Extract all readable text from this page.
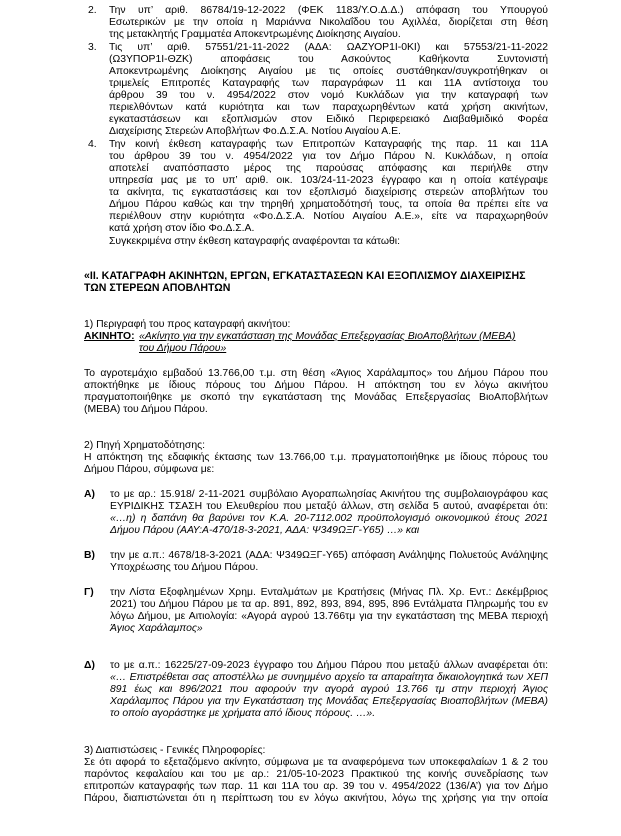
2. Την υπ’ αριθ. 86784/19-12-2022 (ΦΕΚ 1183/Υ.Ο.Δ.Δ.) απόφαση του Υπουργού
Εσωτερικών με την οποία η Μαριάννα Νικολαΐδου του Αχιλλέα, διορίζεται στη θέση
της μετακλητής Γραμματέα Αποκεντρωμένης Διοίκησης Αιγαίου.
3. Τις υπ’ αριθ. 57551/21-11-2022 (ΑΔΑ: ΩΑΖΥΟΡ1Ι-0ΚΙ) και 57553/21-11-2022
(Ω3ΥΠΟΡ1Ι-ΘΖΚ) αποφάσεις του Ασκούντος Καθήκοντα Συντονιστή
Αποκεντρωμένης Διοίκησης Αιγαίου με τις οποίες συστάθηκαν/συγκροτήθηκαν οι
τριμελείς Επιτροπές Καταγραφής των παραγράφων 11 και 11Α αντίστοιχα του
άρθρου 39 του ν. 4954/2022 στον νομό Κυκλάδων για την καταγραφή των
περιελθόντων κατά κυριότητα και των παραχωρηθέντων κατά χρήση ακινήτων,
εγκαταστάσεων και εξοπλισμών στον Ειδικό Περιφερειακό Διαβαθμιδικό Φορέα
Διαχείρισης Στερεών Αποβλήτων Φο.Δ.Σ.Α. Νοτίου Αιγαίου Α.Ε.
4. Την κοινή έκθεση καταγραφής των Επιτροπών Καταγραφής της παρ. 11 και 11Α
του άρθρου 39 του ν. 4954/2022 για τον Δήμο Πάρου Ν. Κυκλάδων, η οποία
αποτελεί αναπόσπαστο μέρος της παρούσας απόφασης και περιήλθε στην
υπηρεσία μας με το υπ’ αριθ. οικ. 103/24-11-2023 έγγραφο και η οποία κατέγραψε
τα ακίνητα, τις εγκαταστάσεις και τον εξοπλισμό διαχείρισης στερεών αποβλήτων του
Δήμου Πάρου καθώς και την τηρηθή χρηματοδότησή τους, τα οποία θα πρέπει είτε να
περιέλθουν στην κυριότητα «Φο.Δ.Σ.Α. Νοτίου Αιγαίου Α.Ε.», είτε να παραχωρηθούν
κατά χρήση στον ίδιο Φο.Δ.Σ.Α.
Συγκεκριμένα στην έκθεση καταγραφής αναφέρονται τα κάτωθι:
«ΙΙ. ΚΑΤΑΓΡΑΦΗ ΑΚΙΝΗΤΩΝ, ΕΡΓΩΝ, ΕΓΚΑΤΑΣΤΑΣΕΩΝ ΚΑΙ ΕΞΟΠΛΙΣΜΟΥ ΔΙΑΧΕΙΡΙΣΗΣ
ΤΩΝ ΣΤΕΡΕΩΝ ΑΠΟΒΛΗΤΩΝ
1) Περιγραφή του προς καταγραφή ακινήτου:
ΑΚΙΝΗΤΟ: «Ακίνητο για την εγκατάσταση της Μονάδας Επεξεργασίας ΒιοΑποβλήτων (ΜΕΒΑ)
του Δήμου Πάρου»
Το αγροτεμάχιο εμβαδού 13.766,00 τ.μ. στη θέση «Άγιος Χαράλαμπος» του Δήμου Πάρου που
αποκτήθηκε με ίδιους πόρους του Δήμου Πάρου. Η απόκτηση του εν λόγω ακινήτου
πραγματοποιήθηκε με σκοπό την εγκατάσταση της Μονάδας Επεξεργασίας ΒιοΑποβλήτων
(ΜΕΒΑ) του Δήμου Πάρου.
2) Πηγή Χρηματοδότησης:
Η απόκτηση της εδαφικής έκτασης των 13.766,00 τ.μ. πραγματοποιήθηκε με ίδιους πόρους του
Δήμου Πάρου, σύμφωνα με:
Α) το με αρ.: 15.918/ 2-11-2021 συμβόλαιο Αγοραπωλησίας Ακινήτου της συμβολαιογράφου κας
ΕΥΡΙΔΙΚΗΣ ΤΣΑΣΗ του Ελευθερίου που μεταξύ άλλων, στη σελίδα 5 αυτού, αναφέρεται ότι:
«…η) η δαπάνη θα βαρύνει τον Κ.Α. 20-7112.002 προϋπολογισμό οικονομικού έτους 2021
Δήμου Πάρου (ΑΑΥ:Α-470/18-3-2021, ΑΔΑ: Ψ349ΩΞΓ-Υ65) …» και
Β) την με α.π.: 4678/18-3-2021 (ΑΔΑ: Ψ349ΩΞΓ-Υ65) απόφαση Ανάληψης Πολυετούς Ανάληψης
Υποχρέωσης του Δήμου Πάρου.
Γ) την Λίστα Εξοφλημένων Χρημ. Ενταλμάτων με Κρατήσεις (Μήνας Πλ. Χρ. Εντ.: Δεκέμβριος
2021) του Δήμου Πάρου με τα αρ. 891, 892, 893, 894, 895, 896 Εντάλματα Πληρωμής του εν
λόγω Δήμου, με Αιτιολογία: «Αγορά αγρού 13.766τμ για την εγκατάσταση της ΜΕΒΑ περιοχή
Άγιος Χαράλαμπος»
Δ) το με α.π.: 16225/27-09-2023 έγγραφο του Δήμου Πάρου που μεταξύ άλλων αναφέρεται ότι:
«… Επιστρέθεται σας αποστέλλω με συνημμένο αρχείο τα απαραίτητα δικαιολογητικά των ΧΕΠ
891 έως και 896/2021 που αφορούν την αγορά αγρού 13.766 τμ στην περιοχή Άγιος
Χαράλαμπος Πάρου για την Εγκατάσταση της Μονάδας Επεξεργασίας Βιοαποβλήτων (ΜΕΒΑ)
το οποίο αγοράστηκε με χρήματα από ίδιους πόρους. …».
3) Διαπιστώσεις - Γενικές Πληροφορίες:
Σε ότι αφορά το εξεταζόμενο ακίνητο, σύμφωνα με τα αναφερόμενα των υποκεφαλαίων 1 & 2 του
παρόντος κεφαλαίου και του με αρ.: 21/05-10-2023 Πρακτικού της κοινής συνεδρίασης των
επιτροπών καταγραφής των παρ. 11 και 11Α του αρ. 39 του ν. 4954/2022 (136/Α’) για τον Δήμο
Πάρου, διαπιστώνεται ότι η περίπτωση του εν λόγω ακινήτου, λόγω της χρήσης για την οποία
